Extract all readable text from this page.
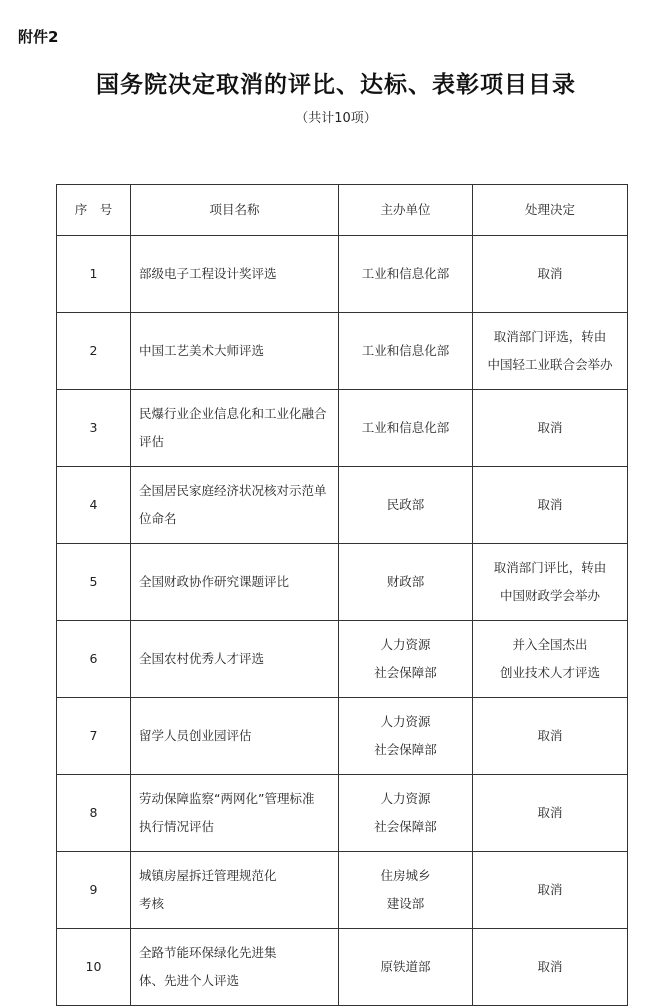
附件2
国务院决定取消的评比、达标、表彰项目目录
（共计10项）
序　号	项目名称	主办单位	处理决定
1	部级电子工程设计奖评选	工业和信息化部	取消

2	中国工艺美术大师评选	工业和信息化部	取消部门评选，转由
中国轻工业联合会举办

3	民爆行业企业信息化和工业化融合
评估	工业和信息化部	取消

4	全国居民家庭经济状况核对示范单
位命名	民政部	取消

5	全国财政协作研究课题评比	财政部	取消部门评比，转由
中国财政学会举办

6	全国农村优秀人才评选	人力资源
社会保障部	并入全国杰出
创业技术人才评选

7	留学人员创业园评估	人力资源
社会保障部	取消

8	劳动保障监察“两网化”管理标准
执行情况评估	人力资源
社会保障部	取消

9	城镇房屋拆迁管理规范化
考核	住房城乡
建设部	取消

10	全路节能环保绿化先进集
体、先进个人评选	原铁道部	取消
